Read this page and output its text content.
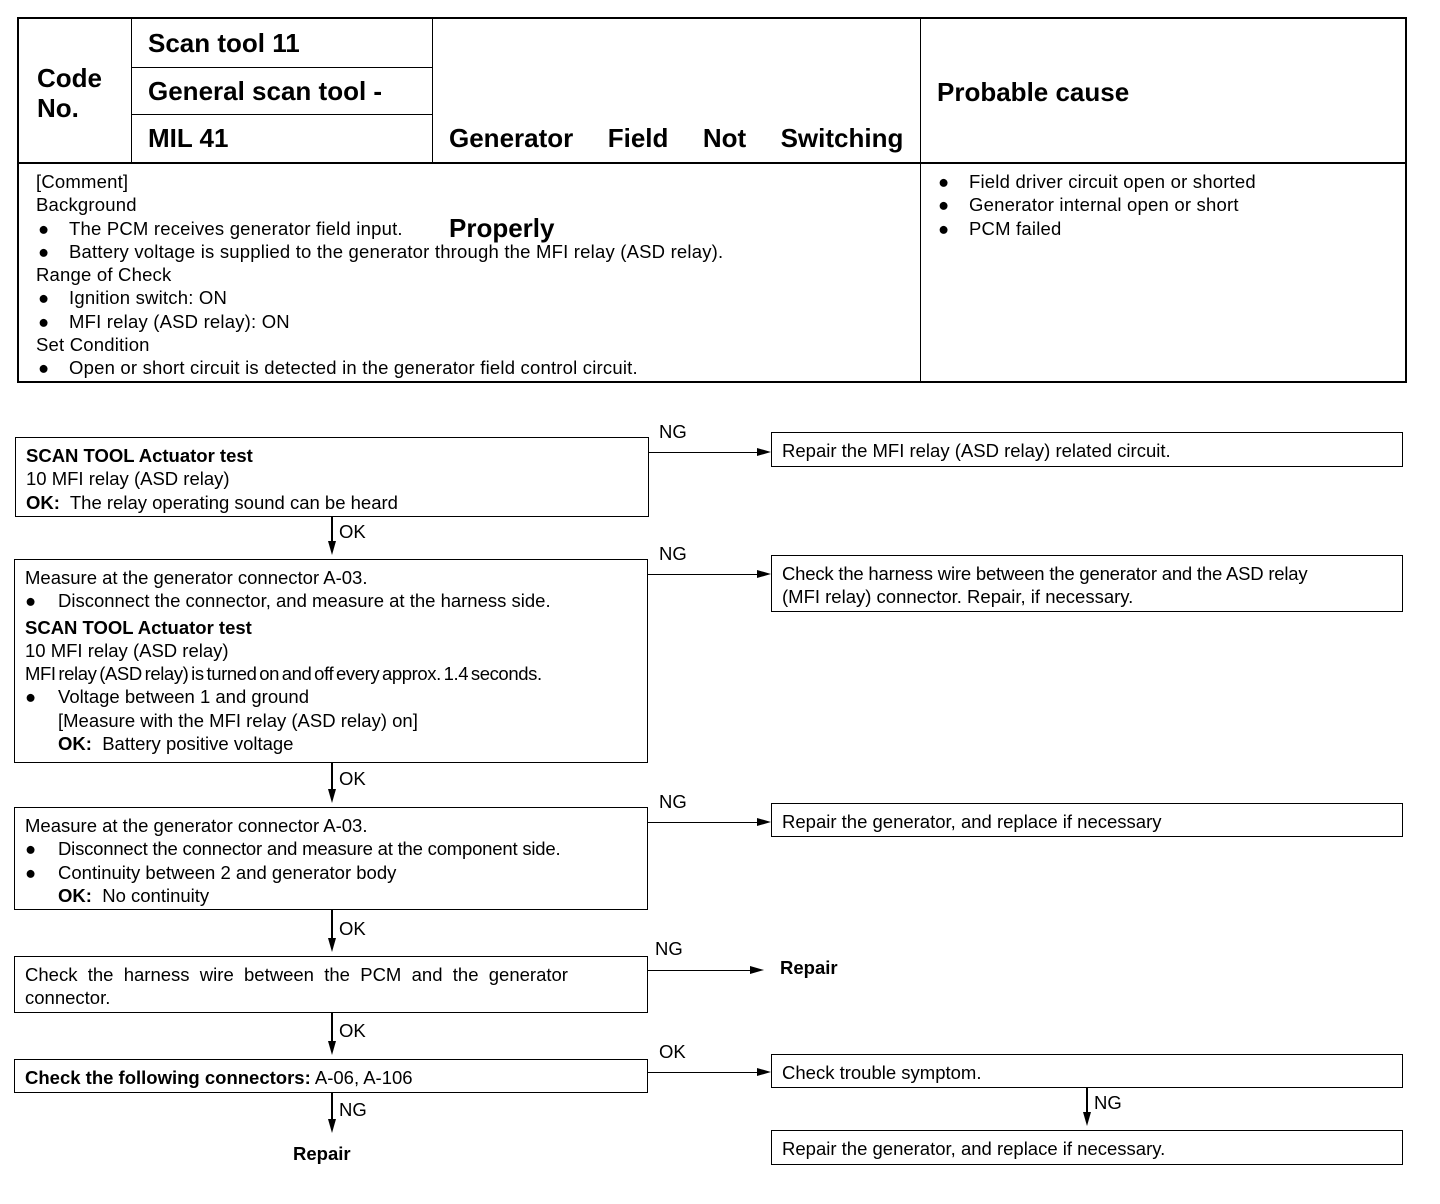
Code
No.
Scan tool 11
General scan tool -
MIL 41

	Generator  Field  Not  Switching

Properly

Probable cause
[Comment]
Background
● The PCM receives generator field input.
● Battery voltage is supplied to the generator through the MFI relay (ASD relay).
Range of Check
● Ignition switch: ON
● MFI relay (ASD relay): ON
Set Condition
● Open or short circuit is detected in the generator field control circuit.
● Field driver circuit open or shorted
● Generator internal open or short
● PCM failed
SCAN TOOL Actuator test
10 MFI relay (ASD relay)
OK: The relay operating sound can be heard
NG
Repair the MFI relay (ASD relay) related circuit.
OK
Measure at the generator connector A-03.
● Disconnect the connector, and measure at the harness side.
SCAN TOOL Actuator test
10 MFI relay (ASD relay)
MFI relay (ASD relay) is turned on and off every approx. 1.4 seconds.
● Voltage between 1 and ground
[Measure with the MFI relay (ASD relay) on]
OK: Battery positive voltage
NG
Check the harness wire between the generator and the ASD relay
(MFI relay) connector. Repair, if necessary.
OK
Measure at the generator connector A-03.
● Disconnect the connector and measure at the component side.
● Continuity between 2 and generator body
OK: No continuity
NG
Repair the generator, and replace if necessary
OK
Check  the  harness  wire  between  the  PCM  and  the  generator
connector.
NG
Repair
OK
Check the following connectors: A-06, A-106
OK
Check trouble symptom.
NG
Repair the generator, and replace if necessary.
NG
Repair
